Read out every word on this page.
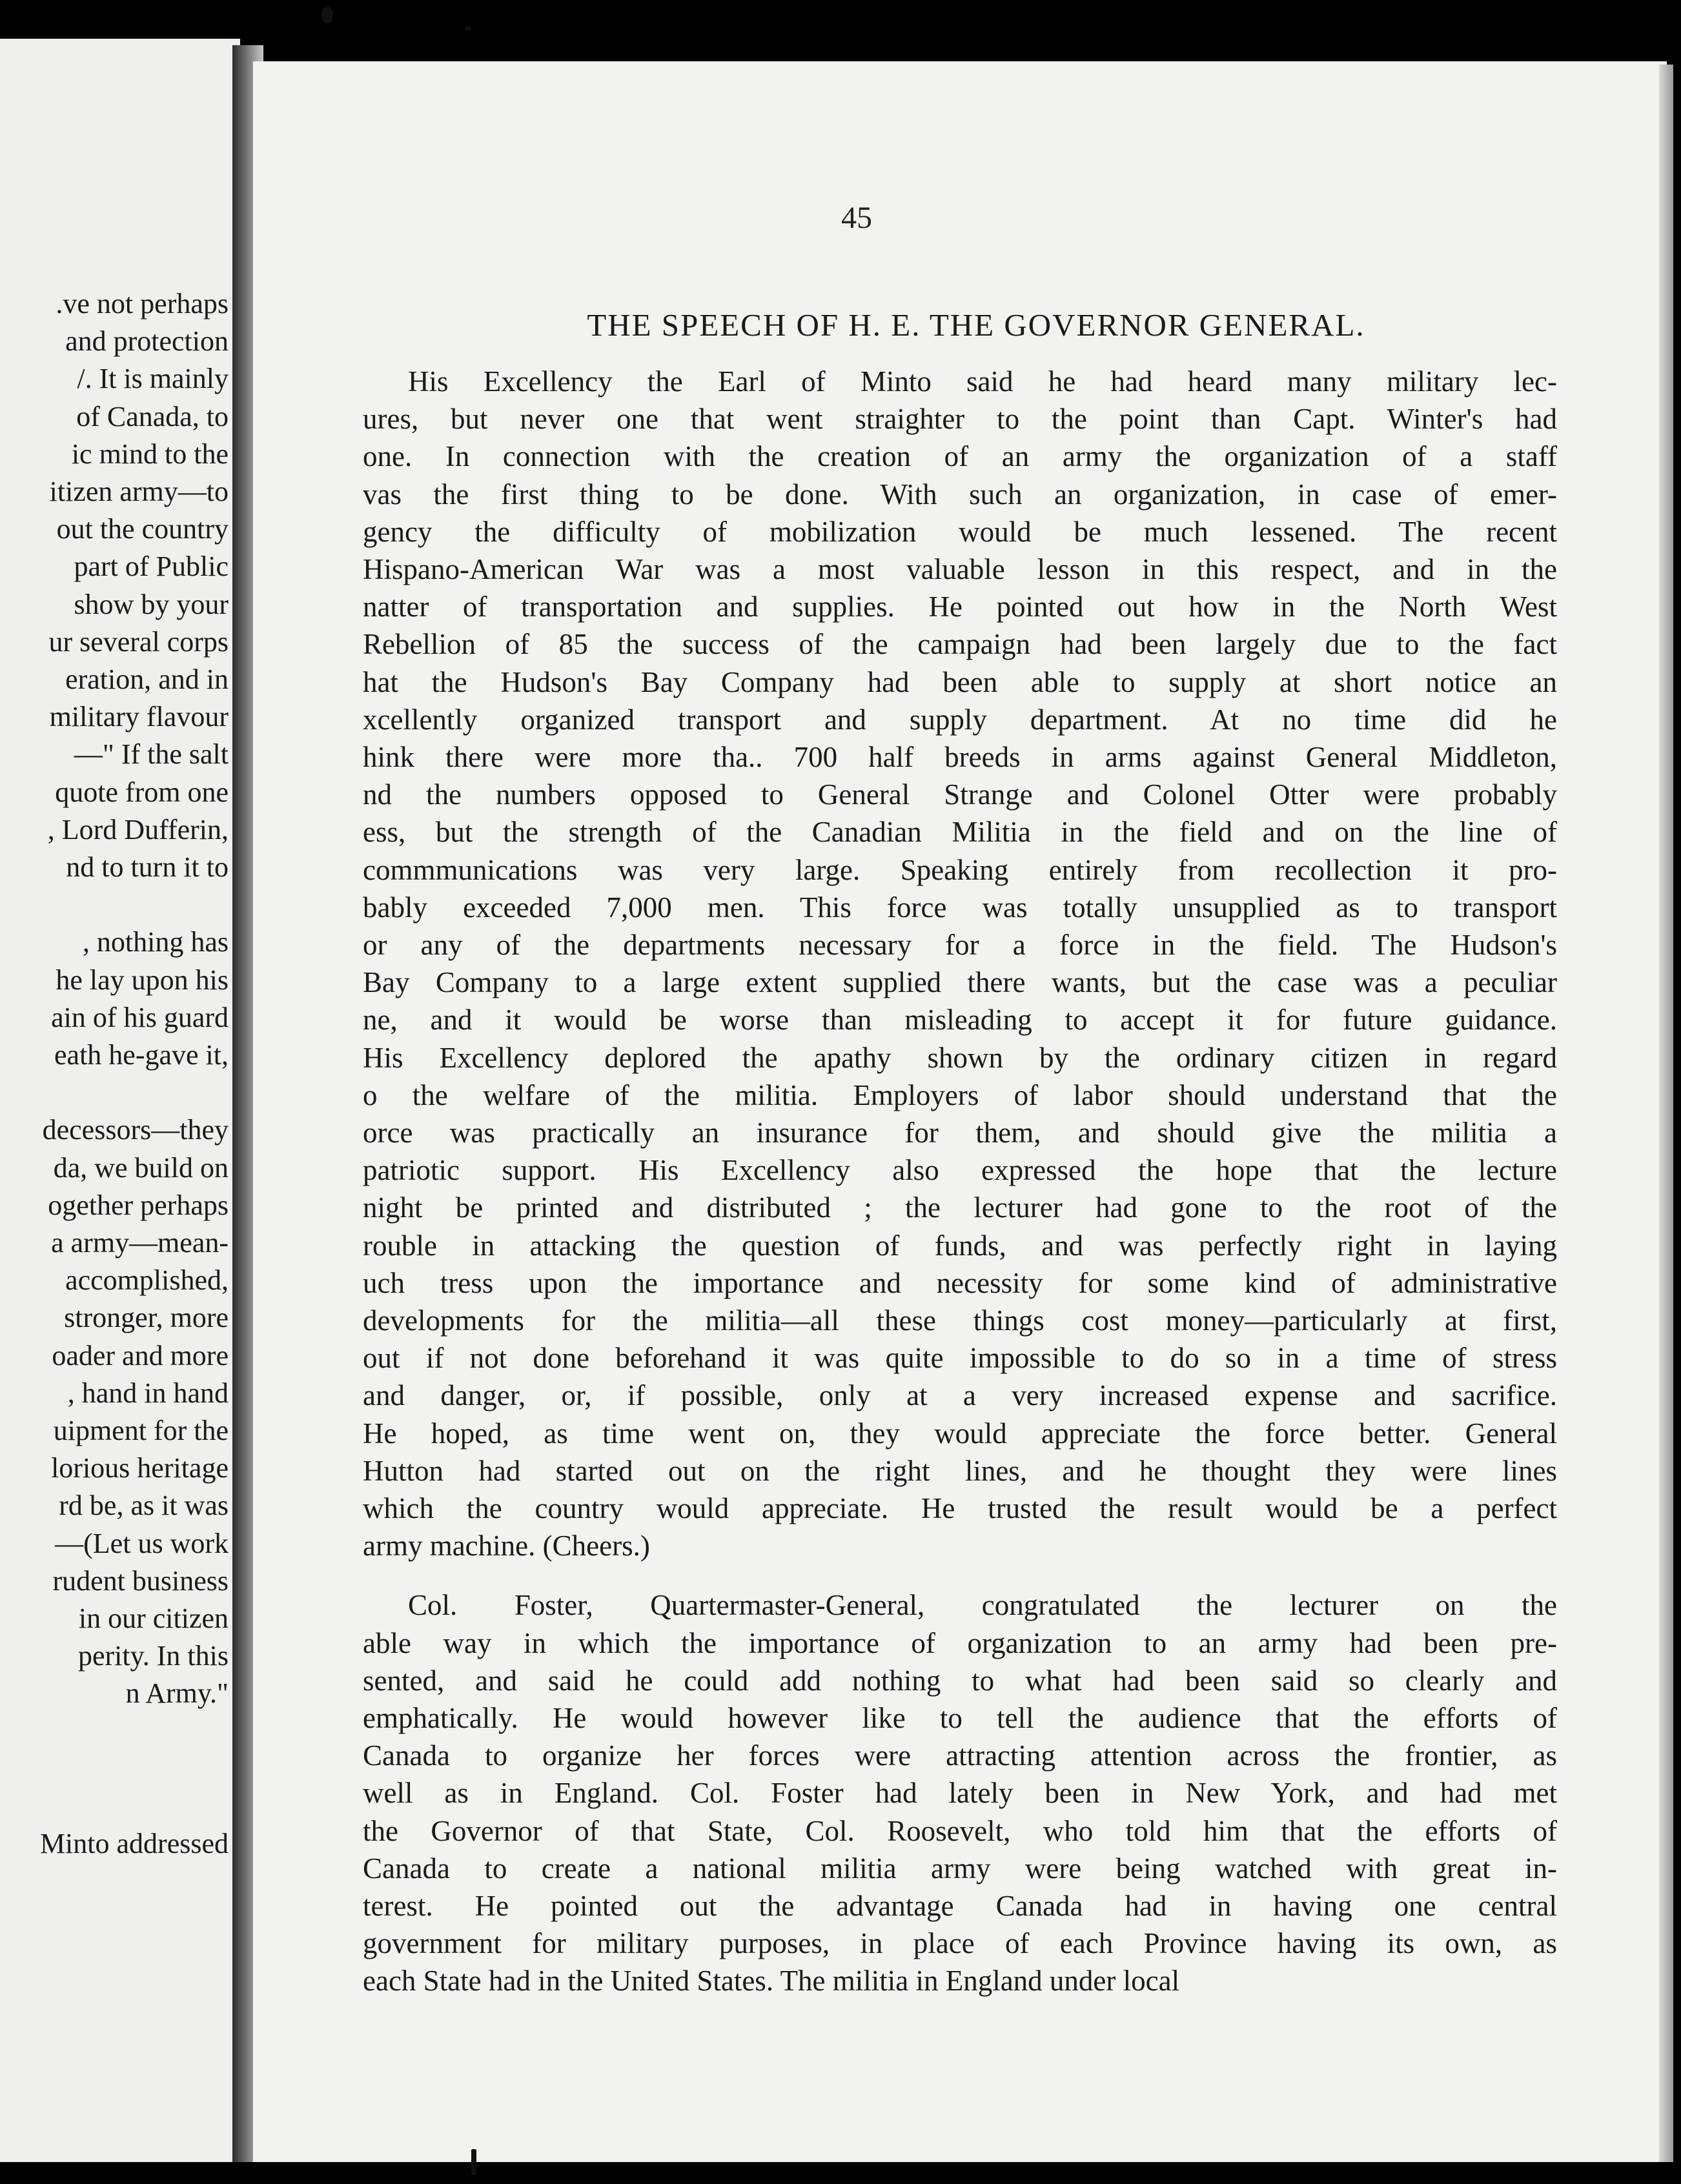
.ve not perhaps
and protection
/. It is mainly
of Canada, to
ic mind to the
itizen army—to
out the country
part of Public
show by your
ur several corps
eration, and in
military flavour
—" If the salt
quote from one
, Lord Dufferin,
nd to turn it to
, nothing has
he lay upon his
ain of his guard
eath he-gave it,
decessors—they
da, we build on
ogether perhaps
a army—mean-
accomplished,
stronger, more
oader and more
, hand in hand
uipment for the
lorious heritage
rd be, as it was
—(Let us work
rudent business
in our citizen
perity. In this
n Army."
Minto addressed
45
THE SPEECH OF H. E. THE GOVERNOR GENERAL.
His Excellency the Earl of Minto said he had heard many military lec-
ures, but never one that went straighter to the point than Capt. Winter's had
one. In connection with the creation of an army the organization of a staff
vas the first thing to be done. With such an organization, in case of emer-
gency the difficulty of mobilization would be much lessened. The recent
Hispano-American War was a most valuable lesson in this respect, and in the
natter of transportation and supplies. He pointed out how in the North West
Rebellion of 85 the success of the campaign had been largely due to the fact
hat the Hudson's Bay Company had been able to supply at short notice an
xcellently organized transport and supply department. At no time did he
hink there were more tha.. 700 half breeds in arms against General Middleton,
nd the numbers opposed to General Strange and Colonel Otter were probably
ess, but the strength of the Canadian Militia in the field and on the line of
commmunications was very large. Speaking entirely from recollection it pro-
bably exceeded 7,000 men. This force was totally unsupplied as to transport
or any of the departments necessary for a force in the field. The Hudson's
Bay Company to a large extent supplied there wants, but the case was a peculiar
ne, and it would be worse than misleading to accept it for future guidance.
His Excellency deplored the apathy shown by the ordinary citizen in regard
o the welfare of the militia. Employers of labor should understand that the
orce was practically an insurance for them, and should give the militia a
patriotic support. His Excellency also expressed the hope that the lecture
night be printed and distributed ; the lecturer had gone to the root of the
rouble in attacking the question of funds, and was perfectly right in laying
uch tress upon the importance and necessity for some kind of administrative
developments for the militia—all these things cost money—particularly at first,
out if not done beforehand it was quite impossible to do so in a time of stress
and danger, or, if possible, only at a very increased expense and sacrifice.
He hoped, as time went on, they would appreciate the force better. General
Hutton had started out on the right lines, and he thought they were lines
which the country would appreciate. He trusted the result would be a perfect
army machine. (Cheers.)
Col. Foster, Quartermaster-General, congratulated the lecturer on the
able way in which the importance of organization to an army had been pre-
sented, and said he could add nothing to what had been said so clearly and
emphatically. He would however like to tell the audience that the efforts of
Canada to organize her forces were attracting attention across the frontier, as
well as in England. Col. Foster had lately been in New York, and had met
the Governor of that State, Col. Roosevelt, who told him that the efforts of
Canada to create a national militia army were being watched with great in-
terest. He pointed out the advantage Canada had in having one central
government for military purposes, in place of each Province having its own, as
each State had in the United States. The militia in England under local
